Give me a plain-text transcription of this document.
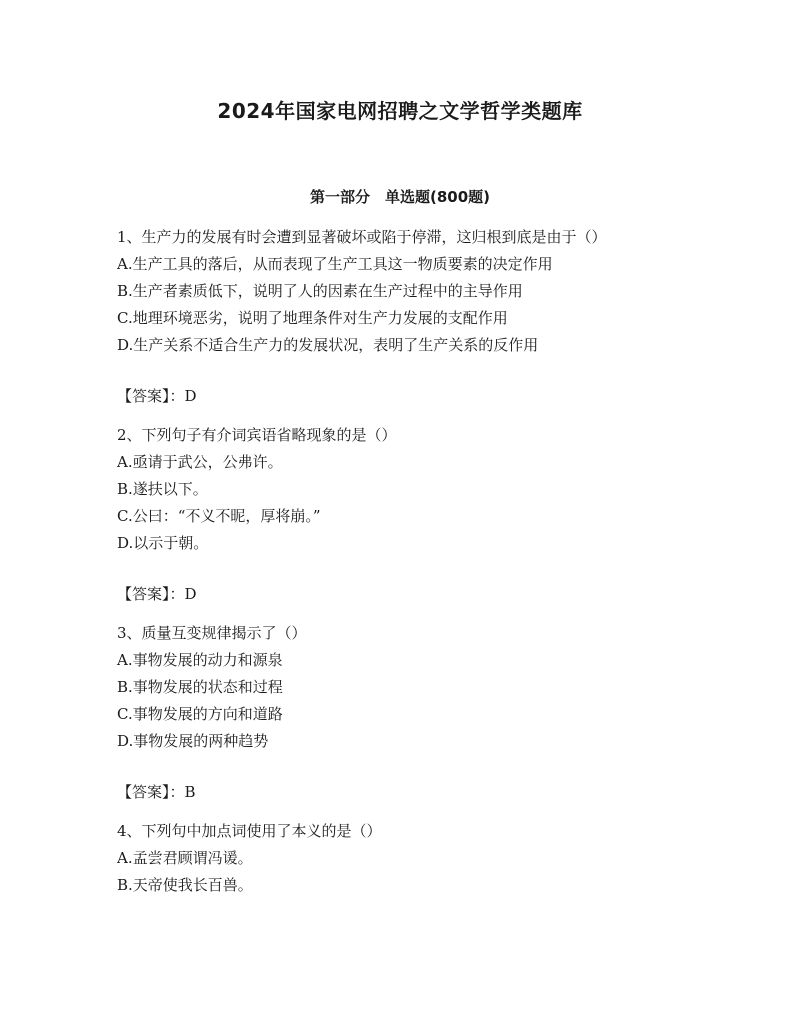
2024年国家电网招聘之文学哲学类题库
第一部分　单选题(800题)
1、生产力的发展有时会遭到显著破坏或陷于停滞，这归根到底是由于（）
A.生产工具的落后，从而表现了生产工具这一物质要素的决定作用
B.生产者素质低下，说明了人的因素在生产过程中的主导作用
C.地理环境恶劣，说明了地理条件对生产力发展的支配作用
D.生产关系不适合生产力的发展状况，表明了生产关系的反作用
【答案】：D
2、下列句子有介词宾语省略现象的是（）
A.亟请于武公，公弗许。
B.遂扶以下。
C.公曰：“不义不昵，厚将崩。”
D.以示于朝。
【答案】：D
3、质量互变规律揭示了（）
A.事物发展的动力和源泉
B.事物发展的状态和过程
C.事物发展的方向和道路
D.事物发展的两种趋势
【答案】：B
4、下列句中加点词使用了本义的是（）
A.孟尝君顾谓冯谖。
B.天帝使我长百兽。
